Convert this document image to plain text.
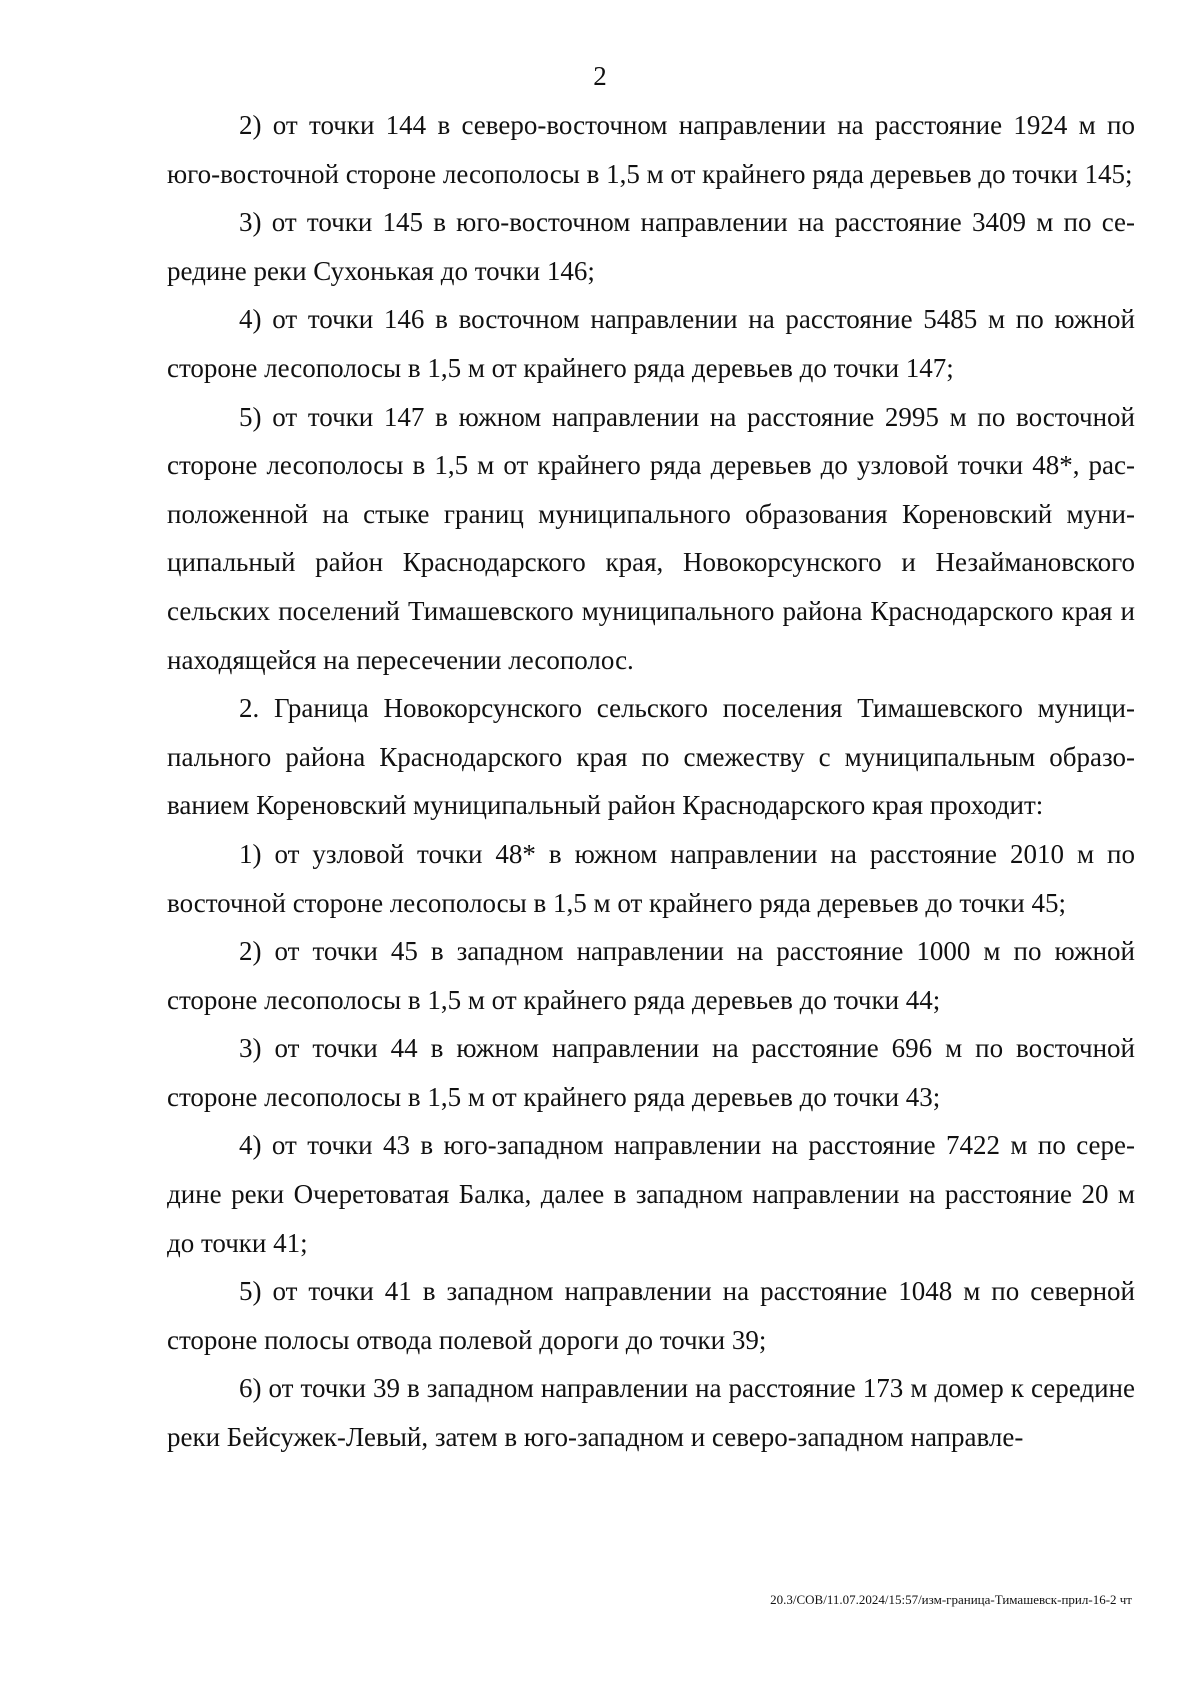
2

2) от точки 144 в северо-восточном направлении на расстояние 1924 м по юго-восточной стороне лесополосы в 1,5 м от крайнего ряда деревьев до точки 145;

3) от точки 145 в юго-восточном направлении на расстояние 3409 м по середине реки Сухонькая до точки 146;

4) от точки 146 в восточном направлении на расстояние 5485 м по южной стороне лесополосы в 1,5 м от крайнего ряда деревьев до точки 147;

5) от точки 147 в южном направлении на расстояние 2995 м по восточной стороне лесополосы в 1,5 м от крайнего ряда деревьев до узловой точки 48*, расположенной на стыке границ муниципального образования Кореновский муниципальный район Краснодарского края, Новокорсунского и Незаймановского сельских поселений Тимашевского муниципального района Краснодарского края и находящейся на пересечении лесополос.

2. Граница Новокорсунского сельского поселения Тимашевского муниципального района Краснодарского края по смежеству с муниципальным образованием Кореновский муниципальный район Краснодарского края проходит:

1) от узловой точки 48* в южном направлении на расстояние 2010 м по восточной стороне лесополосы в 1,5 м от крайнего ряда деревьев до точки 45;

2) от точки 45 в западном направлении на расстояние 1000 м по южной стороне лесополосы в 1,5 м от крайнего ряда деревьев до точки 44;

3) от точки 44 в южном направлении на расстояние 696 м по восточной стороне лесополосы в 1,5 м от крайнего ряда деревьев до точки 43;

4) от точки 43 в юго-западном направлении на расстояние 7422 м по середине реки Очеретоватая Балка, далее в западном направлении на расстояние 20 м до точки 41;

5) от точки 41 в западном направлении на расстояние 1048 м по северной стороне полосы отвода полевой дороги до точки 39;

6) от точки 39 в западном направлении на расстояние 173 м домер к середине реки Бейсужек-Левый, затем в юго-западном и северо-западном направле-

20.3/СОВ/11.07.2024/15:57/изм-граница-Тимашевск-прил-16-2 чт
